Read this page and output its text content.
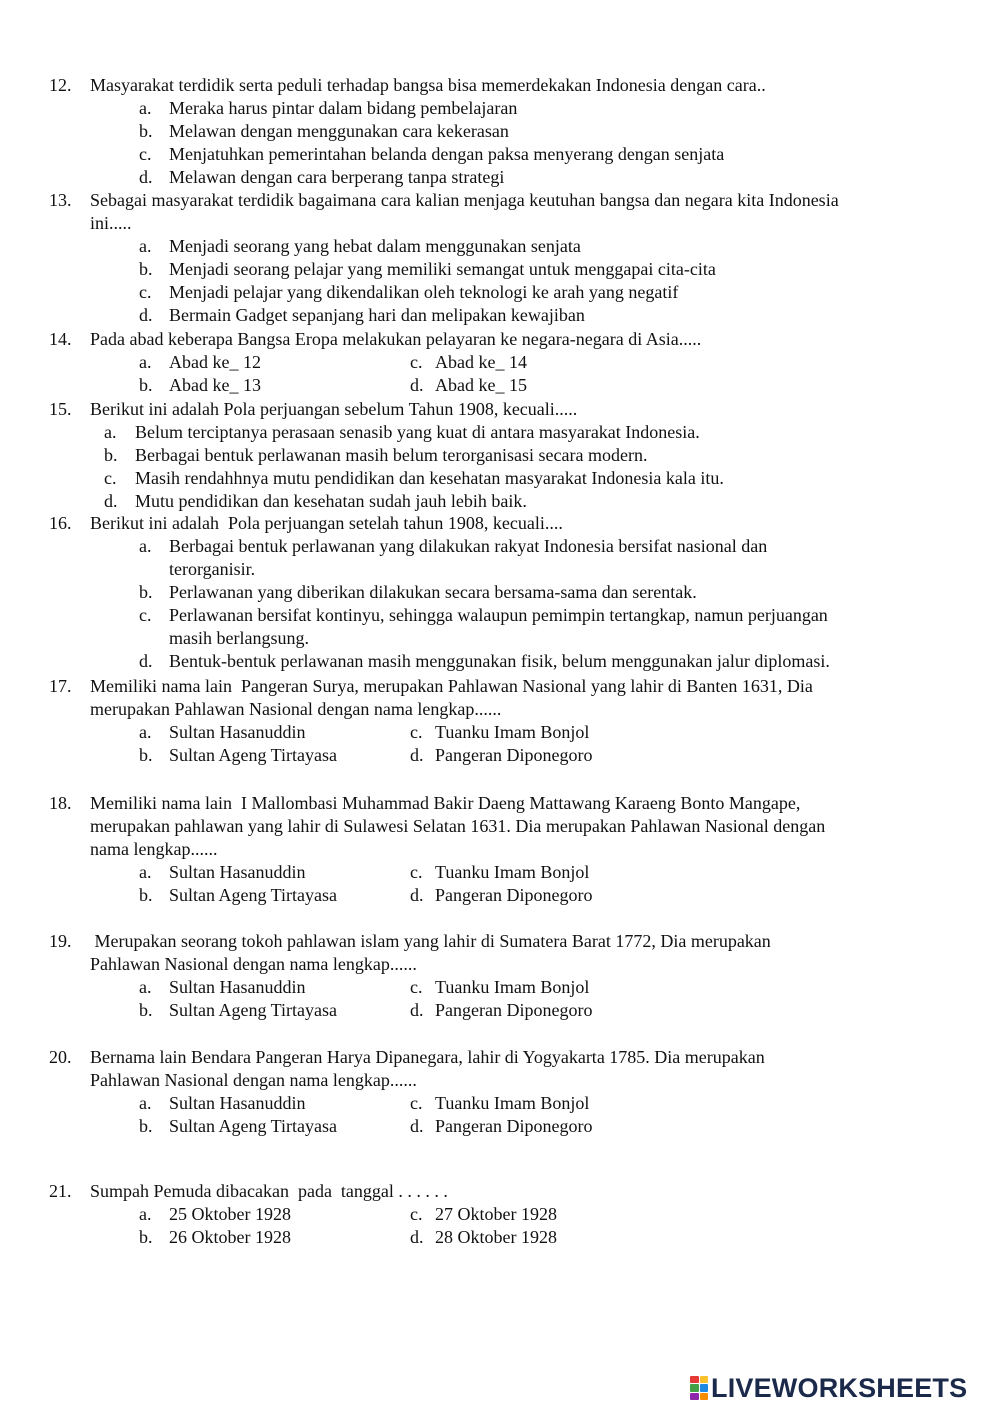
12. Masyarakat terdidik serta peduli terhadap bangsa bisa memerdekakan Indonesia dengan cara..
a. Meraka harus pintar dalam bidang pembelajaran
b. Melawan dengan menggunakan cara kekerasan
c. Menjatuhkan pemerintahan belanda dengan paksa menyerang dengan senjata
d. Melawan dengan cara berperang tanpa strategi
13. Sebagai masyarakat terdidik bagaimana cara kalian menjaga keutuhan bangsa dan negara kita Indonesia
ini.....
a. Menjadi seorang yang hebat dalam menggunakan senjata
b. Menjadi seorang pelajar yang memiliki semangat untuk menggapai cita-cita
c. Menjadi pelajar yang dikendalikan oleh teknologi ke arah yang negatif
d. Bermain Gadget sepanjang hari dan melipakan kewajiban
14. Pada abad keberapa Bangsa Eropa melakukan pelayaran ke negara-negara di Asia.....
a. Abad ke_ 12
b. Abad ke_ 13
c. Abad ke_ 14
d. Abad ke_ 15
15. Berikut ini adalah Pola perjuangan sebelum Tahun 1908, kecuali.....
a. Belum terciptanya perasaan senasib yang kuat di antara masyarakat Indonesia.
b. Berbagai bentuk perlawanan masih belum terorganisasi secara modern.
c. Masih rendahhnya mutu pendidikan dan kesehatan masyarakat Indonesia kala itu.
d. Mutu pendidikan dan kesehatan sudah jauh lebih baik.
16. Berikut ini adalah  Pola perjuangan setelah tahun 1908, kecuali....
a. Berbagai bentuk perlawanan yang dilakukan rakyat Indonesia bersifat nasional dan
terorganisir.
b. Perlawanan yang diberikan dilakukan secara bersama-sama dan serentak.
c. Perlawanan bersifat kontinyu, sehingga walaupun pemimpin tertangkap, namun perjuangan
masih berlangsung.
d. Bentuk-bentuk perlawanan masih menggunakan fisik, belum menggunakan jalur diplomasi.
17. Memiliki nama lain  Pangeran Surya, merupakan Pahlawan Nasional yang lahir di Banten 1631, Dia
merupakan Pahlawan Nasional dengan nama lengkap......
a. Sultan Hasanuddin
b. Sultan Ageng Tirtayasa
c. Tuanku Imam Bonjol
d. Pangeran Diponegoro
18. Memiliki nama lain  I Mallombasi Muhammad Bakir Daeng Mattawang Karaeng Bonto Mangape,
merupakan pahlawan yang lahir di Sulawesi Selatan 1631. Dia merupakan Pahlawan Nasional dengan
nama lengkap......
a. Sultan Hasanuddin
b. Sultan Ageng Tirtayasa
c. Tuanku Imam Bonjol
d. Pangeran Diponegoro
19. Merupakan seorang tokoh pahlawan islam yang lahir di Sumatera Barat 1772, Dia merupakan
Pahlawan Nasional dengan nama lengkap......
a. Sultan Hasanuddin
b. Sultan Ageng Tirtayasa
c. Tuanku Imam Bonjol
d. Pangeran Diponegoro
20. Bernama lain Bendara Pangeran Harya Dipanegara, lahir di Yogyakarta 1785. Dia merupakan
Pahlawan Nasional dengan nama lengkap......
a. Sultan Hasanuddin
b. Sultan Ageng Tirtayasa
c. Tuanku Imam Bonjol
d. Pangeran Diponegoro
21. Sumpah Pemuda dibacakan  pada  tanggal . . . . . .
a. 25 Oktober 1928
b. 26 Oktober 1928
c. 27 Oktober 1928
d. 28 Oktober 1928
LIVEWORKSHEETS
